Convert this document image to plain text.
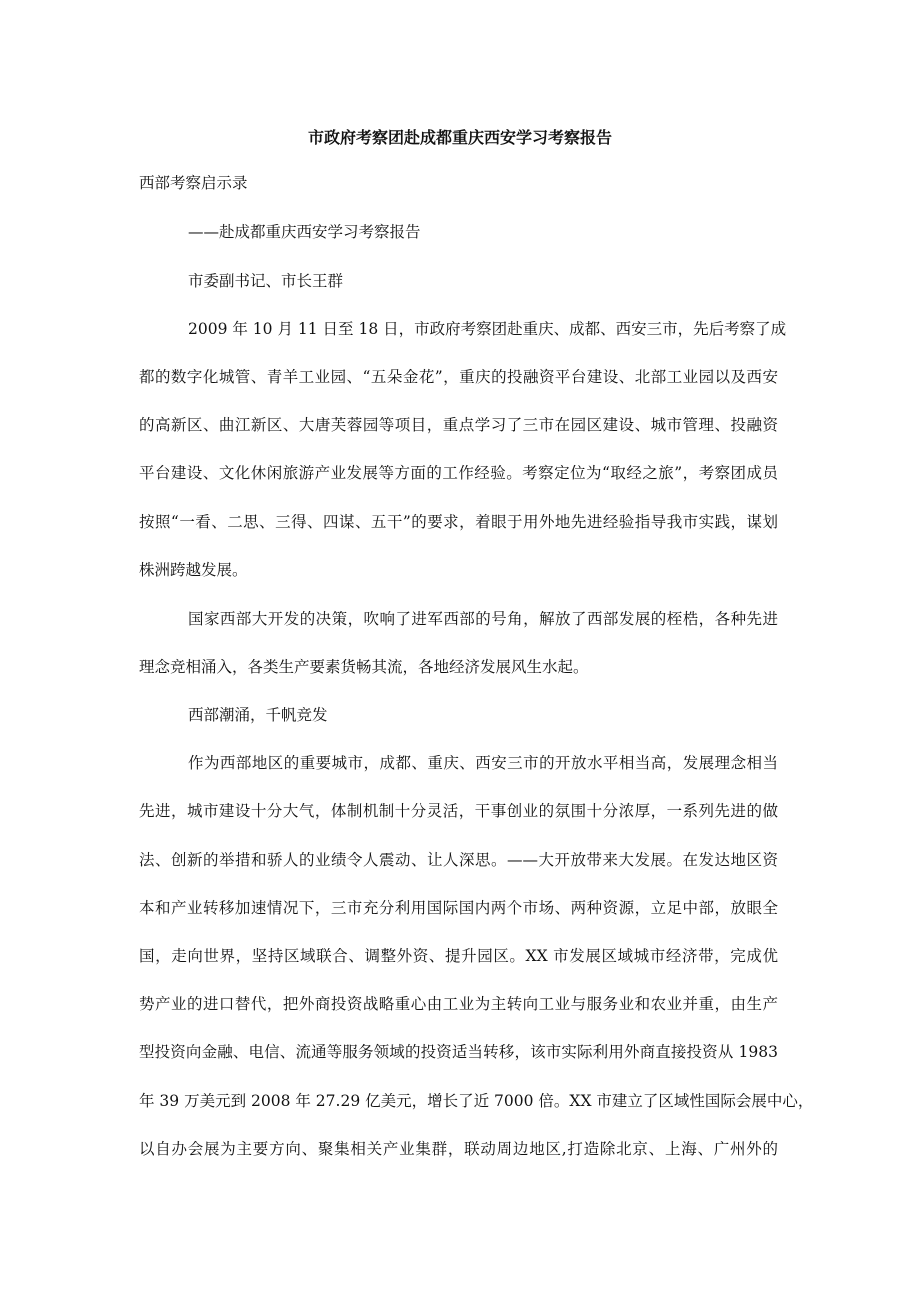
市政府考察团赴成都重庆西安学习考察报告
西部考察启示录
——赴成都重庆西安学习考察报告
市委副书记、市长王群
2009 年 10 月 11 日至 18 日，市政府考察团赴重庆、成都、西安三市，先后考察了成
都的数字化城管、青羊工业园、“五朵金花”，重庆的投融资平台建设、北部工业园以及西安
的高新区、曲江新区、大唐芙蓉园等项目，重点学习了三市在园区建设、城市管理、投融资
平台建设、文化休闲旅游产业发展等方面的工作经验。考察定位为“取经之旅”，考察团成员
按照“一看、二思、三得、四谋、五干”的要求，着眼于用外地先进经验指导我市实践，谋划
株洲跨越发展。
国家西部大开发的决策，吹响了进军西部的号角，解放了西部发展的桎梏，各种先进
理念竞相涌入，各类生产要素货畅其流，各地经济发展风生水起。
西部潮涌，千帆竞发
作为西部地区的重要城市，成都、重庆、西安三市的开放水平相当高，发展理念相当
先进，城市建设十分大气，体制机制十分灵活，干事创业的氛围十分浓厚，一系列先进的做
法、创新的举措和骄人的业绩令人震动、让人深思。——大开放带来大发展。在发达地区资
本和产业转移加速情况下，三市充分利用国际国内两个市场、两种资源，立足中部，放眼全
国，走向世界，坚持区域联合、调整外资、提升园区。XX 市发展区域城市经济带，完成优
势产业的进口替代，把外商投资战略重心由工业为主转向工业与服务业和农业并重，由生产
型投资向金融、电信、流通等服务领域的投资适当转移，该市实际利用外商直接投资从 1983
年 39 万美元到 2008 年 27.29 亿美元，增长了近 7000 倍。XX 市建立了区域性国际会展中心，
以自办会展为主要方向、聚集相关产业集群，联动周边地区,打造除北京、上海、广州外的
